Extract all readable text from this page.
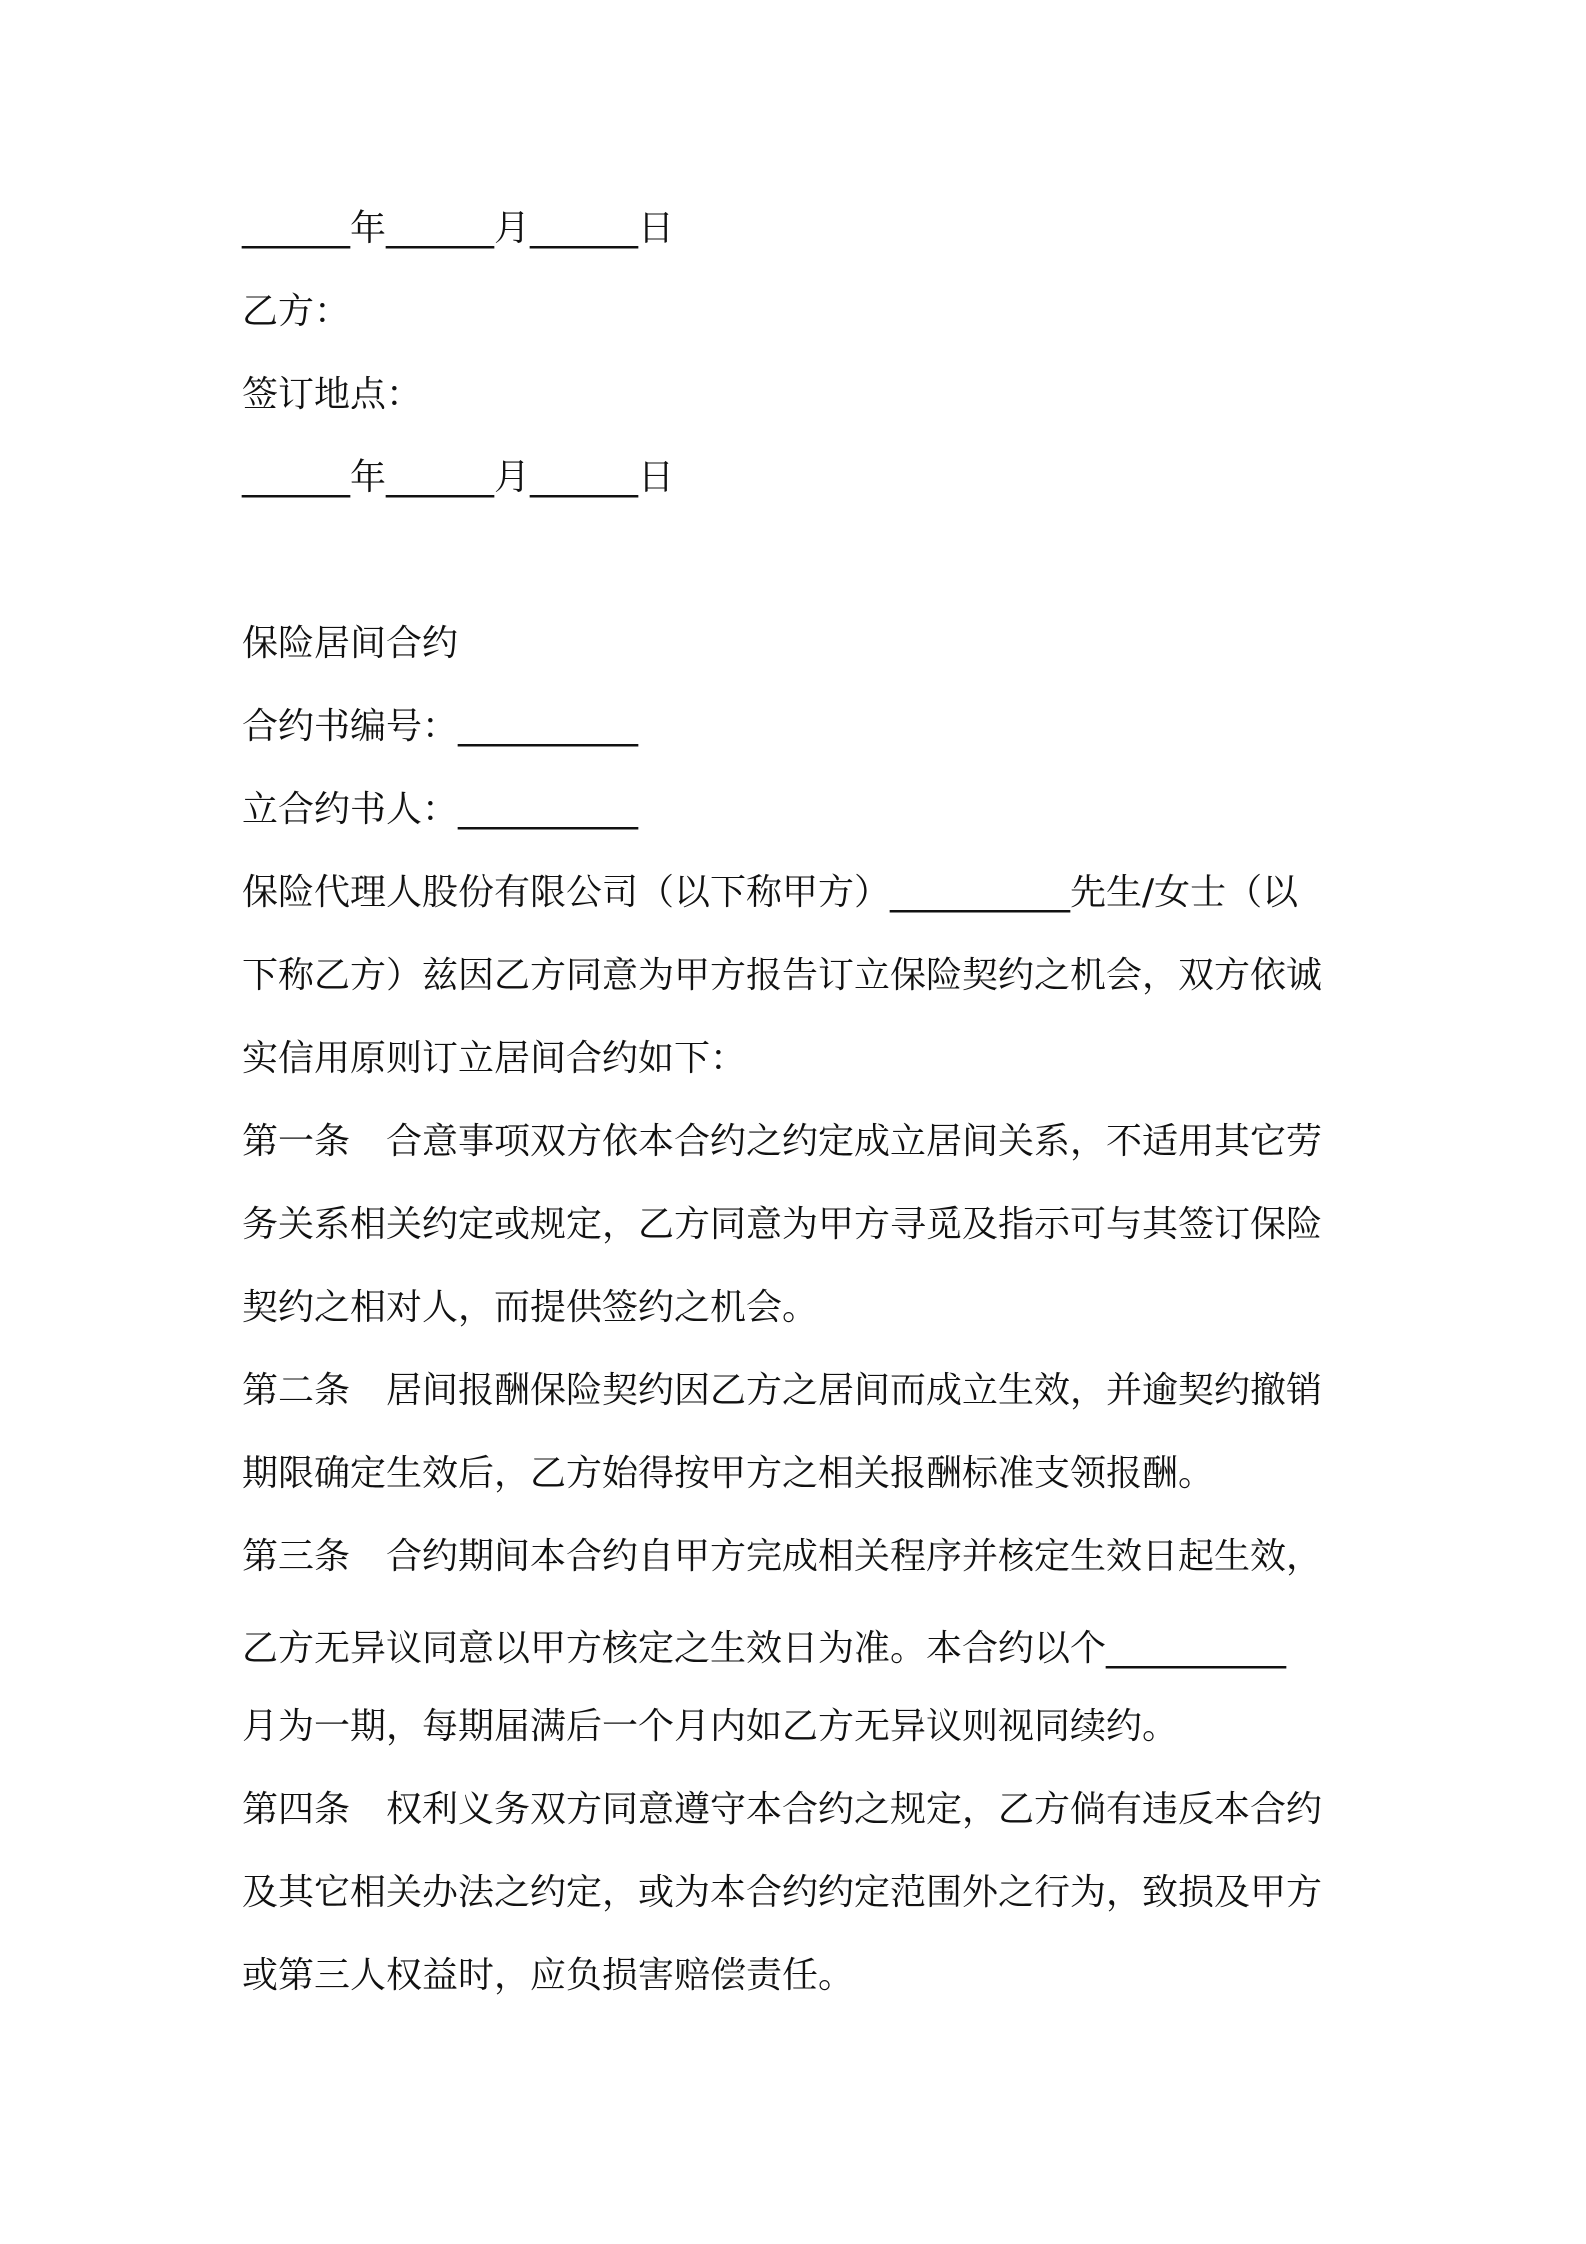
______年______月______日
乙方：
签订地点：
______年______月______日
保险居间合约
合约书编号：__________
立合约书人：__________
保险代理人股份有限公司（以下称甲方）__________先生/女士（以
下称乙方）兹因乙方同意为甲方报告订立保险契约之机会，双方依诚
实信用原则订立居间合约如下：
第一条　合意事项双方依本合约之约定成立居间关系，不适用其它劳
务关系相关约定或规定，乙方同意为甲方寻觅及指示可与其签订保险
契约之相对人，而提供签约之机会。
第二条　居间报酬保险契约因乙方之居间而成立生效，并逾契约撤销
期限确定生效后，乙方始得按甲方之相关报酬标准支领报酬。
第三条　合约期间本合约自甲方完成相关程序并核定生效日起生效，
乙方无异议同意以甲方核定之生效日为准。本合约以个__________
月为一期，每期届满后一个月内如乙方无异议则视同续约。
第四条　权利义务双方同意遵守本合约之规定，乙方倘有违反本合约
及其它相关办法之约定，或为本合约约定范围外之行为，致损及甲方
或第三人权益时，应负损害赔偿责任。
